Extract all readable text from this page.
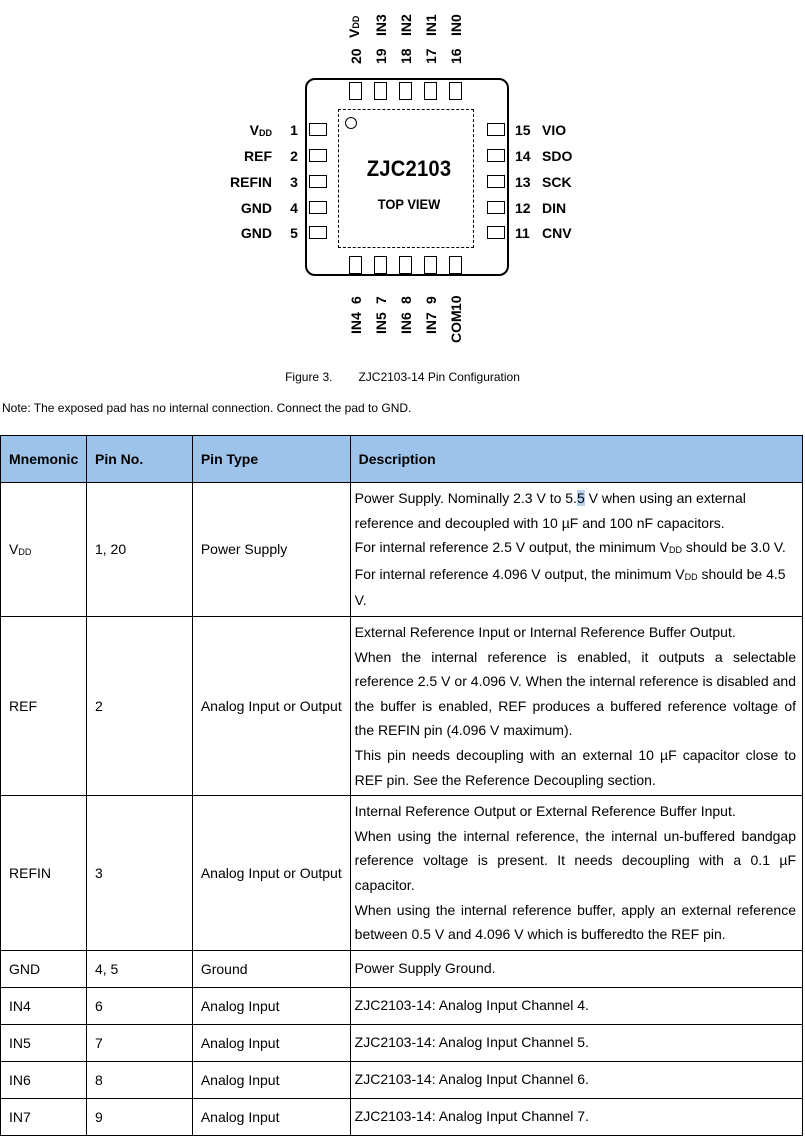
ZJC2103
TOP VIEW
VDD 1
REF 2
REFIN 3
GND 4
GND 5
15 VIO
14 SDO
13 SCK
12 DIN
11 CNV
20
VDD
19
IN3
18
IN2
17
IN1
16
IN0
6
IN4
7
IN5
8
IN6
9
IN7
10
COM
Figure 3. ZJC2103-14 Pin Configuration
Note: The exposed pad has no internal connection. Connect the pad to GND.
Mnemonic	Pin No.	Pin Type	Description
VDD	1, 20	Power Supply	Power Supply. Nominally 2.3 V to 5.5 V when using an external reference and decoupled with 10 µF and 100 nF capacitors.

For internal reference 2.5 V output, the minimum VDD should be 3.0 V.

For internal reference 4.096 V output, the minimum VDD should be 4.5 V.

REF	2	Analog Input or Output	External Reference Input or Internal Reference Buffer Output.

When the internal reference is enabled, it outputs a selectable reference 2.5 V or 4.096 V. When the internal reference is disabled and the buffer is enabled, REF produces a buffered reference voltage of the REFIN pin (4.096 V maximum).

This pin needs decoupling with an external 10 µF capacitor close to REF pin. See the Reference Decoupling section.

REFIN	3	Analog Input or Output	Internal Reference Output or External Reference Buffer Input.

When using the internal reference, the internal un-buffered bandgap reference voltage is present. It needs decoupling with a 0.1 µF capacitor.

When using the internal reference buffer, apply an external reference between 0.5 V and 4.096 V which is bufferedto the REF pin.

GND	4, 5	Ground	Power Supply Ground.
IN4	6	Analog Input	ZJC2103-14: Analog Input Channel 4.
IN5	7	Analog Input	ZJC2103-14: Analog Input Channel 5.
IN6	8	Analog Input	ZJC2103-14: Analog Input Channel 6.
IN7	9	Analog Input	ZJC2103-14: Analog Input Channel 7.
